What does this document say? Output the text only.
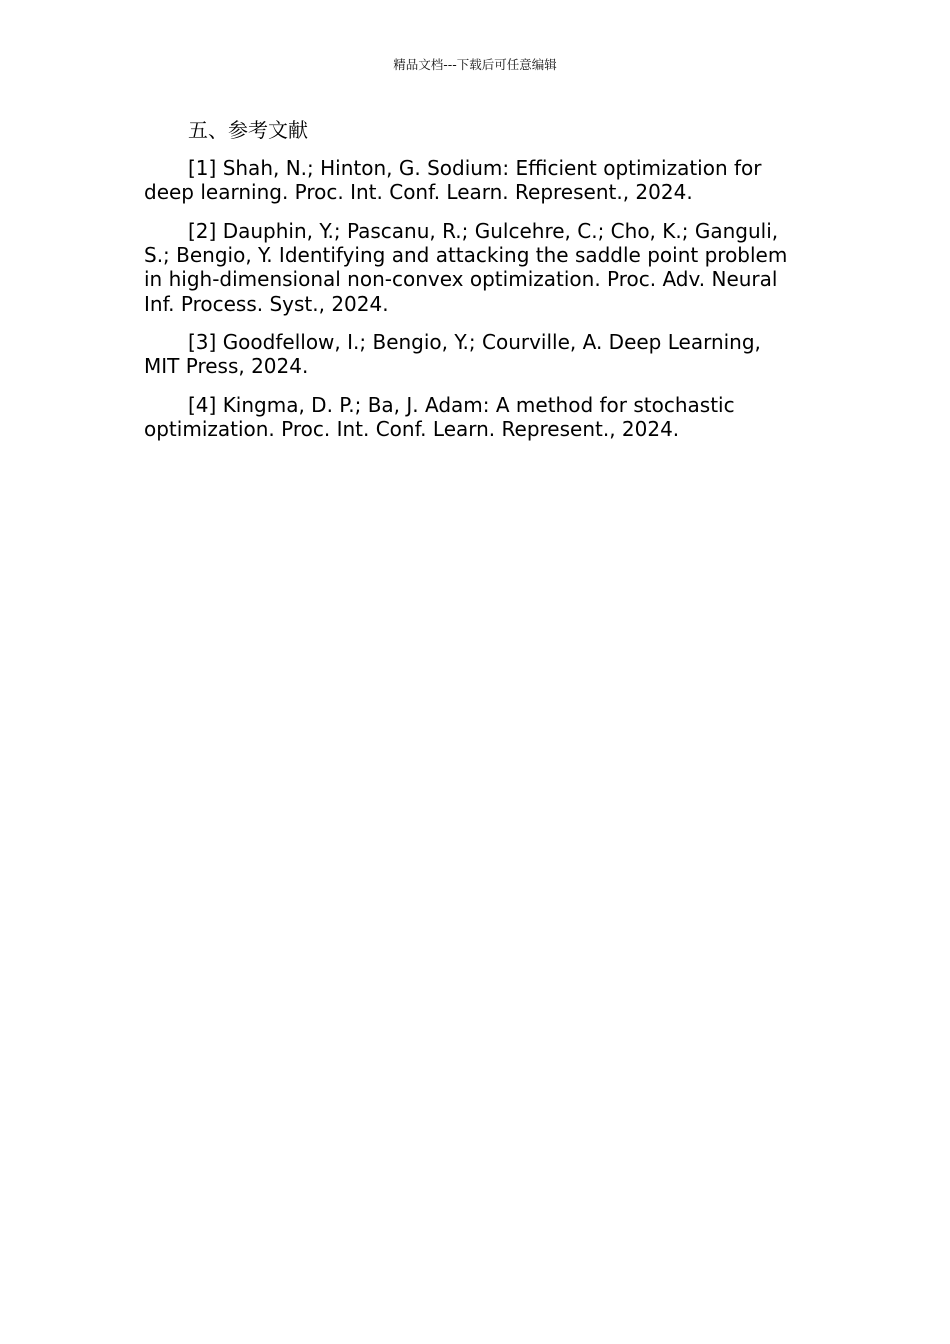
精品文档---下载后可任意编辑

五、参考文献

[1] Shah, N.; Hinton, G. Sodium: Efficient optimization for deep learning. Proc. Int. Conf. Learn. Represent., 2024.

[2] Dauphin, Y.; Pascanu, R.; Gulcehre, C.; Cho, K.; Ganguli, S.; Bengio, Y. Identifying and attacking the saddle point problem in high-dimensional non-convex optimization. Proc. Adv. Neural Inf. Process. Syst., 2024.

[3] Goodfellow, I.; Bengio, Y.; Courville, A. Deep Learning, MIT Press, 2024.

[4] Kingma, D. P.; Ba, J. Adam: A method for stochastic optimization. Proc. Int. Conf. Learn. Represent., 2024.
